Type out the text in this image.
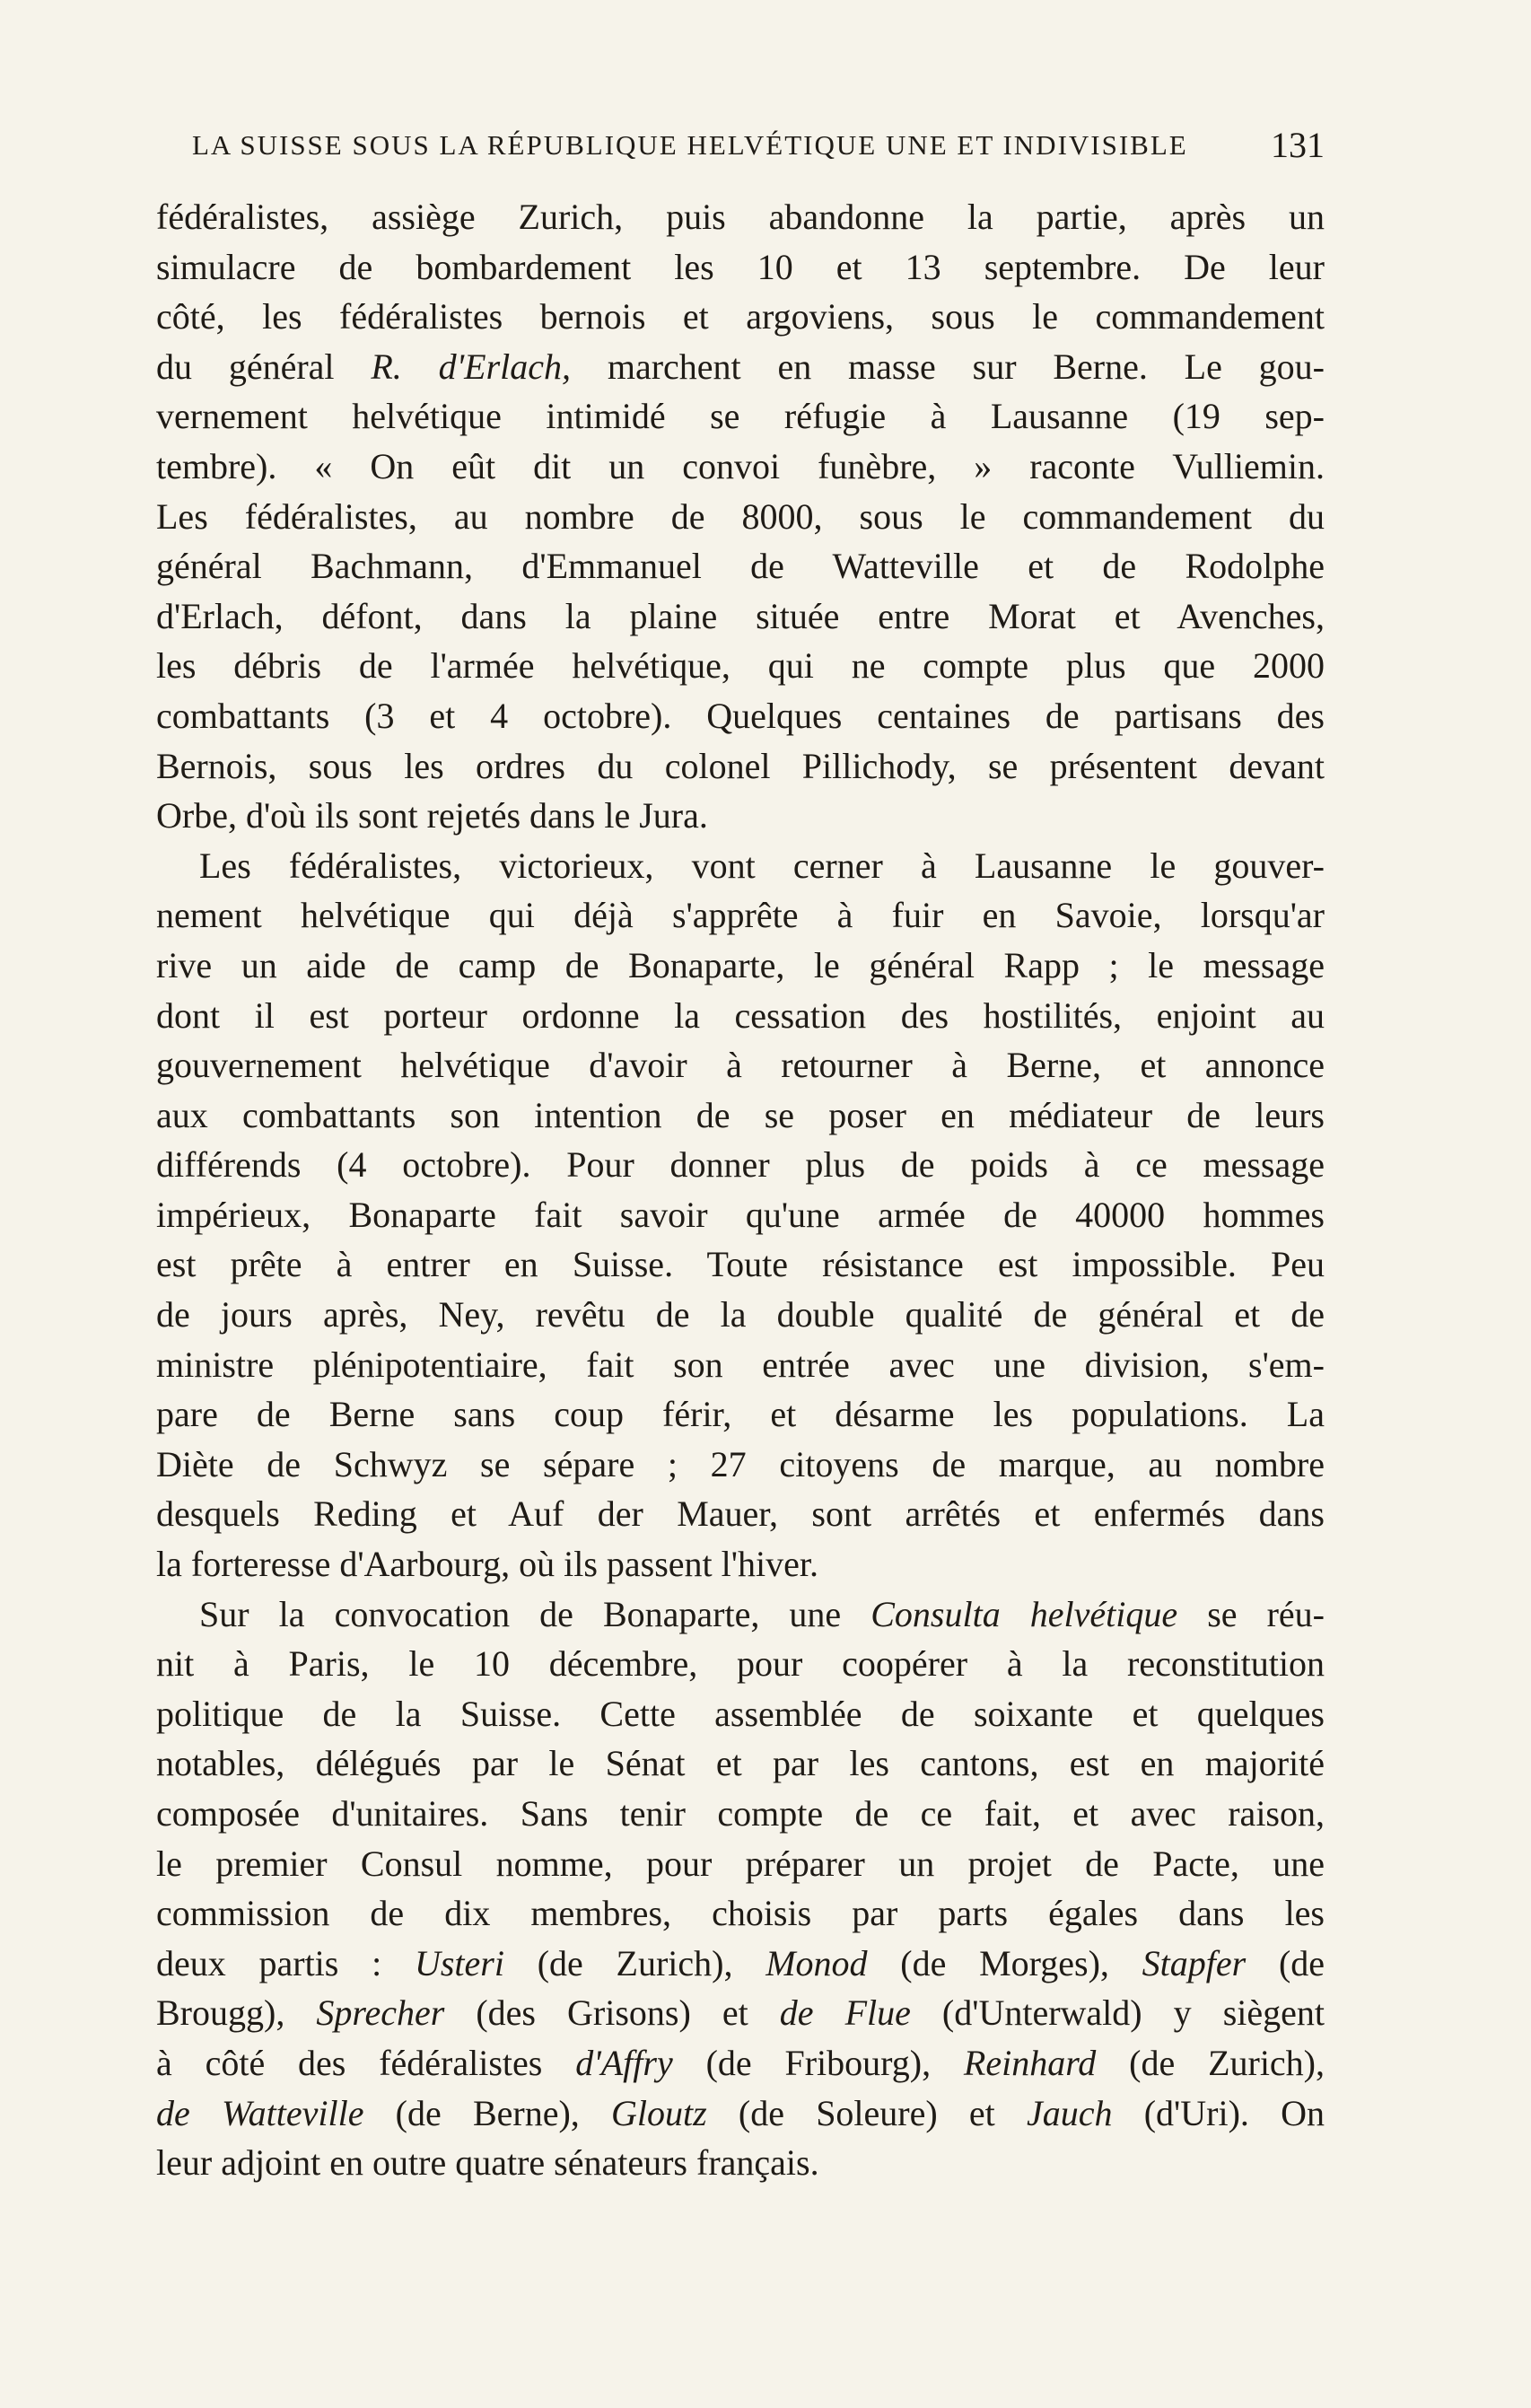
LA SUISSE SOUS LA RÉPUBLIQUE HELVÉTIQUE UNE ET INDIVISIBLE 131
fédéralistes, assiège Zurich, puis abandonne la partie, après un
simulacre de bombardement les 10 et 13 septembre. De leur
côté, les fédéralistes bernois et argoviens, sous le commandement
du général R. d'Erlach, marchent en masse sur Berne. Le gou-
vernement helvétique intimidé se réfugie à Lausanne (19 sep-
tembre). « On eût dit un convoi funèbre, » raconte Vulliemin.
Les fédéralistes, au nombre de 8000, sous le commandement du
général Bachmann, d'Emmanuel de Watteville et de Rodolphe
d'Erlach, défont, dans la plaine située entre Morat et Avenches,
les débris de l'armée helvétique, qui ne compte plus que 2000
combattants (3 et 4 octobre). Quelques centaines de partisans des
Bernois, sous les ordres du colonel Pillichody, se présentent devant
Orbe, d'où ils sont rejetés dans le Jura.
Les fédéralistes, victorieux, vont cerner à Lausanne le gouver-
nement helvétique qui déjà s'apprête à fuir en Savoie, lorsqu'ar
rive un aide de camp de Bonaparte, le général Rapp ; le message
dont il est porteur ordonne la cessation des hostilités, enjoint au
gouvernement helvétique d'avoir à retourner à Berne, et annonce
aux combattants son intention de se poser en médiateur de leurs
différends (4 octobre). Pour donner plus de poids à ce message
impérieux, Bonaparte fait savoir qu'une armée de 40000 hommes
est prête à entrer en Suisse. Toute résistance est impossible. Peu
de jours après, Ney, revêtu de la double qualité de général et de
ministre plénipotentiaire, fait son entrée avec une division, s'em-
pare de Berne sans coup férir, et désarme les populations. La
Diète de Schwyz se sépare ; 27 citoyens de marque, au nombre
desquels Reding et Auf der Mauer, sont arrêtés et enfermés dans
la forteresse d'Aarbourg, où ils passent l'hiver.
Sur la convocation de Bonaparte, une Consulta helvétique se réu-
nit à Paris, le 10 décembre, pour coopérer à la reconstitution
politique de la Suisse. Cette assemblée de soixante et quelques
notables, délégués par le Sénat et par les cantons, est en majorité
composée d'unitaires. Sans tenir compte de ce fait, et avec raison,
le premier Consul nomme, pour préparer un projet de Pacte, une
commission de dix membres, choisis par parts égales dans les
deux partis : Usteri (de Zurich), Monod (de Morges), Stapfer (de
Brougg), Sprecher (des Grisons) et de Flue (d'Unterwald) y siègent
à côté des fédéralistes d'Affry (de Fribourg), Reinhard (de Zurich),
de Watteville (de Berne), Gloutz (de Soleure) et Jauch (d'Uri). On
leur adjoint en outre quatre sénateurs français.
